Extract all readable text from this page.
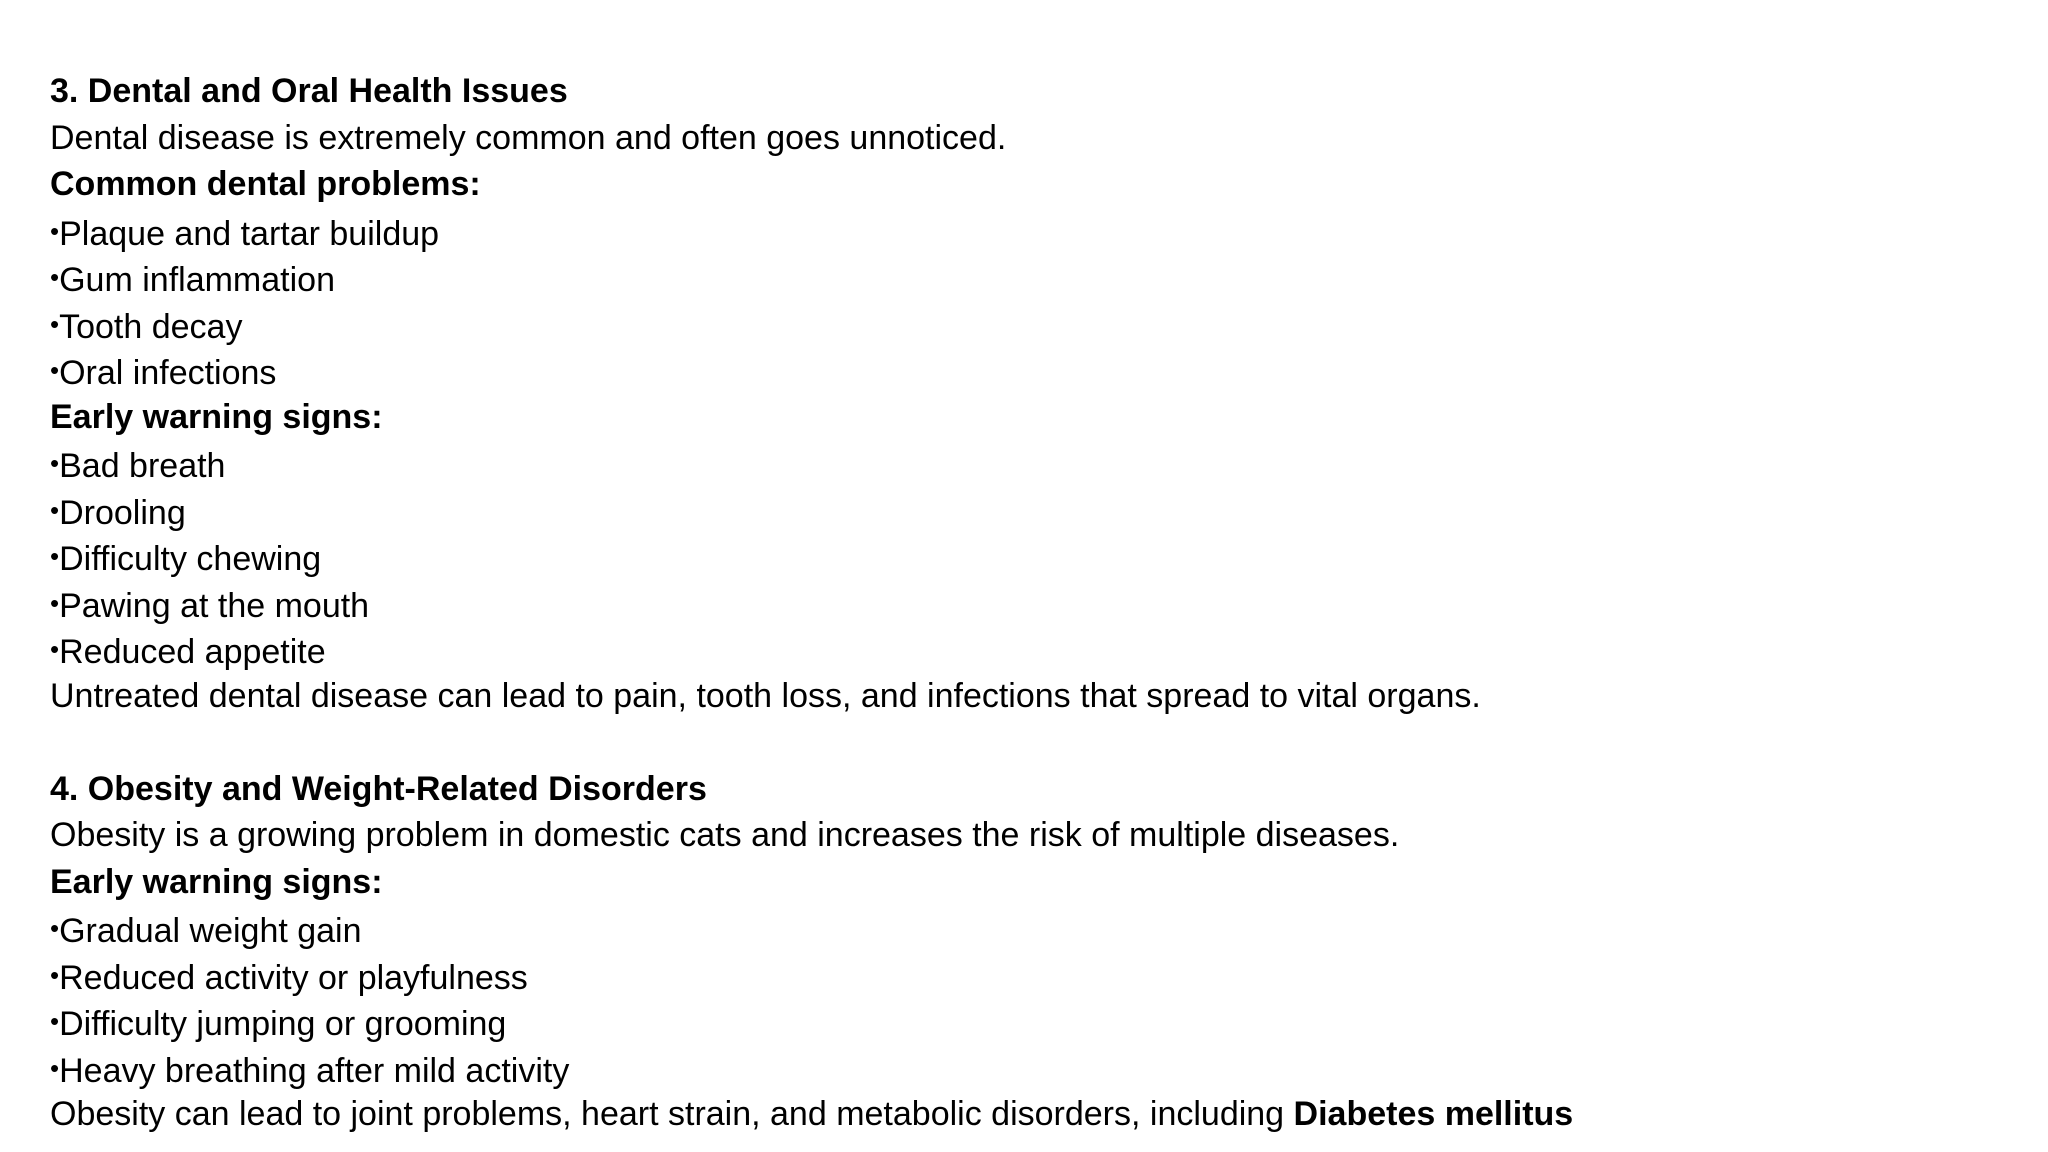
3. Dental and Oral Health Issues
Dental disease is extremely common and often goes unnoticed.
Common dental problems:
•Plaque and tartar buildup
•Gum inflammation
•Tooth decay
•Oral infections
Early warning signs:
•Bad breath
•Drooling
•Difficulty chewing
•Pawing at the mouth
•Reduced appetite
Untreated dental disease can lead to pain, tooth loss, and infections that spread to vital organs.
4. Obesity and Weight-Related Disorders
Obesity is a growing problem in domestic cats and increases the risk of multiple diseases.
Early warning signs:
•Gradual weight gain
•Reduced activity or playfulness
•Difficulty jumping or grooming
•Heavy breathing after mild activity
Obesity can lead to joint problems, heart strain, and metabolic disorders, including Diabetes mellitus
